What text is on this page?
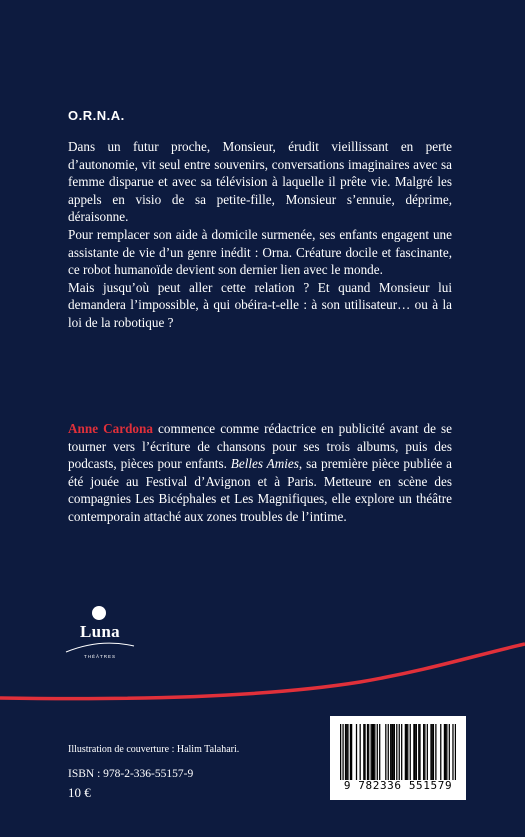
O.R.N.A.

Dans un futur proche, Monsieur, érudit vieillissant en perte d’autonomie, vit seul entre souvenirs, conversations imaginaires avec sa femme disparue et avec sa télévision à laquelle il prête vie. Malgré les appels en visio de sa petite-fille, Monsieur s’ennuie, déprime, déraisonne.

Pour remplacer son aide à domicile surmenée, ses enfants engagent une assistante de vie d’un genre inédit : Orna. Créature docile et fascinante, ce robot humanoïde devient son dernier lien avec le monde.

Mais jusqu’où peut aller cette relation ? Et quand Monsieur lui demandera l’impossible, à qui obéira-t-elle : à son utilisateur… ou à la loi de la robotique ?

Anne Cardona commence comme rédactrice en publicité avant de se tourner vers l’écriture de chansons pour ses trois albums, puis des podcasts, pièces pour enfants. Belles Amies, sa première pièce publiée a été jouée au Festival d’Avignon et à Paris. Metteure en scène des compagnies Les Bicéphales et Les Magnifiques, elle explore un théâtre contemporain attaché aux zones troubles de l’intime.
Luna
THÉÂTRES
Illustration de couverture : Halim Talahari.
ISBN : 978-2-336-55157-9
10 €	9 782336 551579
